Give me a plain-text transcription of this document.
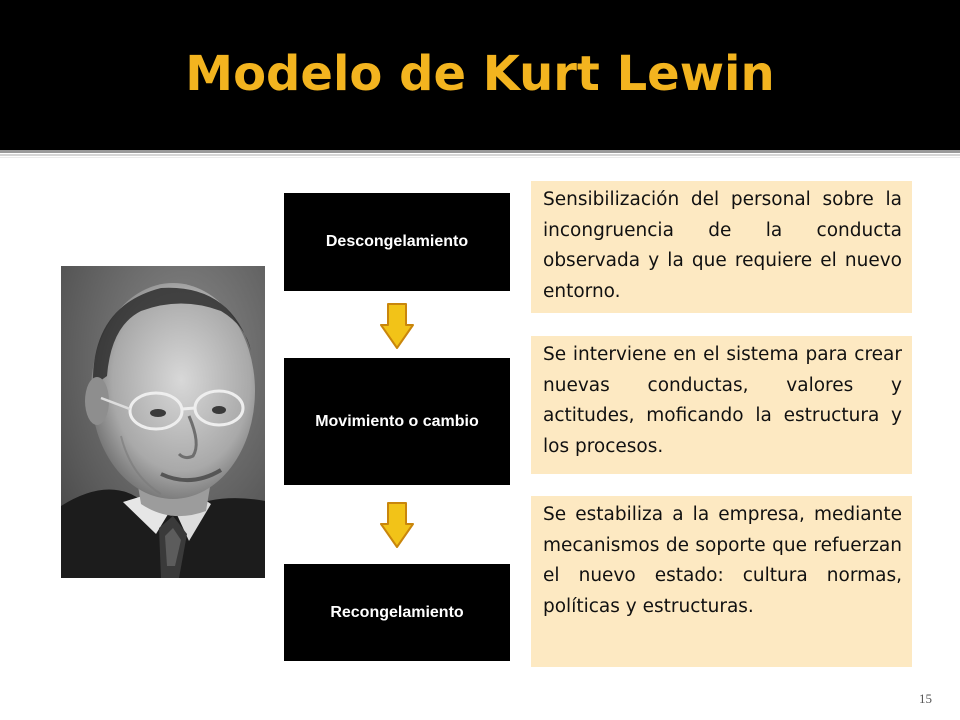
Modelo de Kurt Lewin
Descongelamiento
Movimiento o cambio
Recongelamiento
Sensibilización del personal sobre la incongruencia de la conducta observada y la que requiere el nuevo entorno.
Se interviene en el sistema para crear nuevas conductas, valores y actitudes, moficando la estructura y los procesos.
Se estabiliza a la empresa, mediante mecanismos de soporte que refuerzan el nuevo estado: cultura normas, políticas y estructuras.
15
